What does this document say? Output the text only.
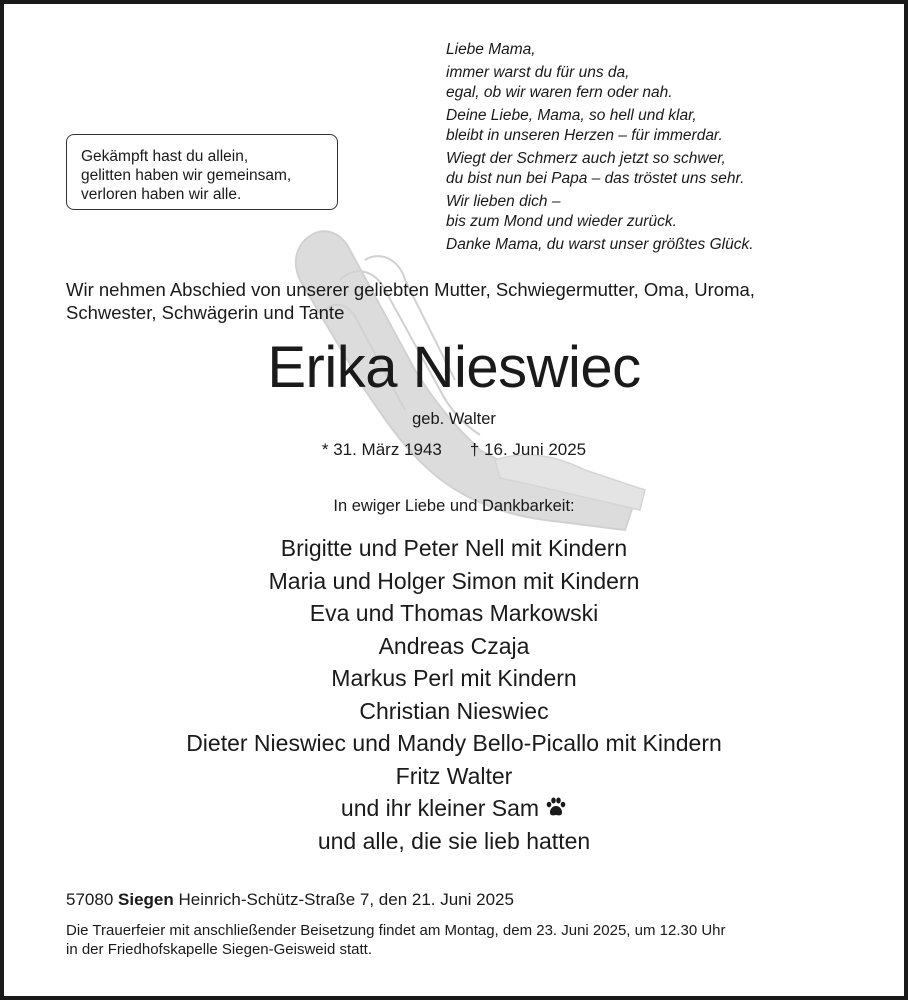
Gekämpft hast du allein,
gelitten haben wir gemeinsam,
verloren haben wir alle.
Liebe Mama,
immer warst du für uns da,
egal, ob wir waren fern oder nah.
Deine Liebe, Mama, so hell und klar,
bleibt in unseren Herzen – für immerdar.
Wiegt der Schmerz auch jetzt so schwer,
du bist nun bei Papa – das tröstet uns sehr.
Wir lieben dich –
bis zum Mond und wieder zurück.
Danke Mama, du warst unser größtes Glück.
Wir nehmen Abschied von unserer geliebten Mutter, Schwiegermutter, Oma, Uroma,
Schwester, Schwägerin und Tante
Erika Nieswiec
geb. Walter
* 31. März 1943 † 16. Juni 2025
In ewiger Liebe und Dankbarkeit:
Brigitte und Peter Nell mit Kindern
Maria und Holger Simon mit Kindern
Eva und Thomas Markowski
Andreas Czaja
Markus Perl mit Kindern
Christian Nieswiec
Dieter Nieswiec und Mandy Bello-Picallo mit Kindern
Fritz Walter
und ihr kleiner Sam
und alle, die sie lieb hatten
57080 Siegen Heinrich-Schütz-Straße 7, den 21. Juni 2025
Die Trauerfeier mit anschließender Beisetzung findet am Montag, dem 23. Juni 2025, um 12.30 Uhr
in der Friedhofskapelle Siegen-Geisweid statt.
